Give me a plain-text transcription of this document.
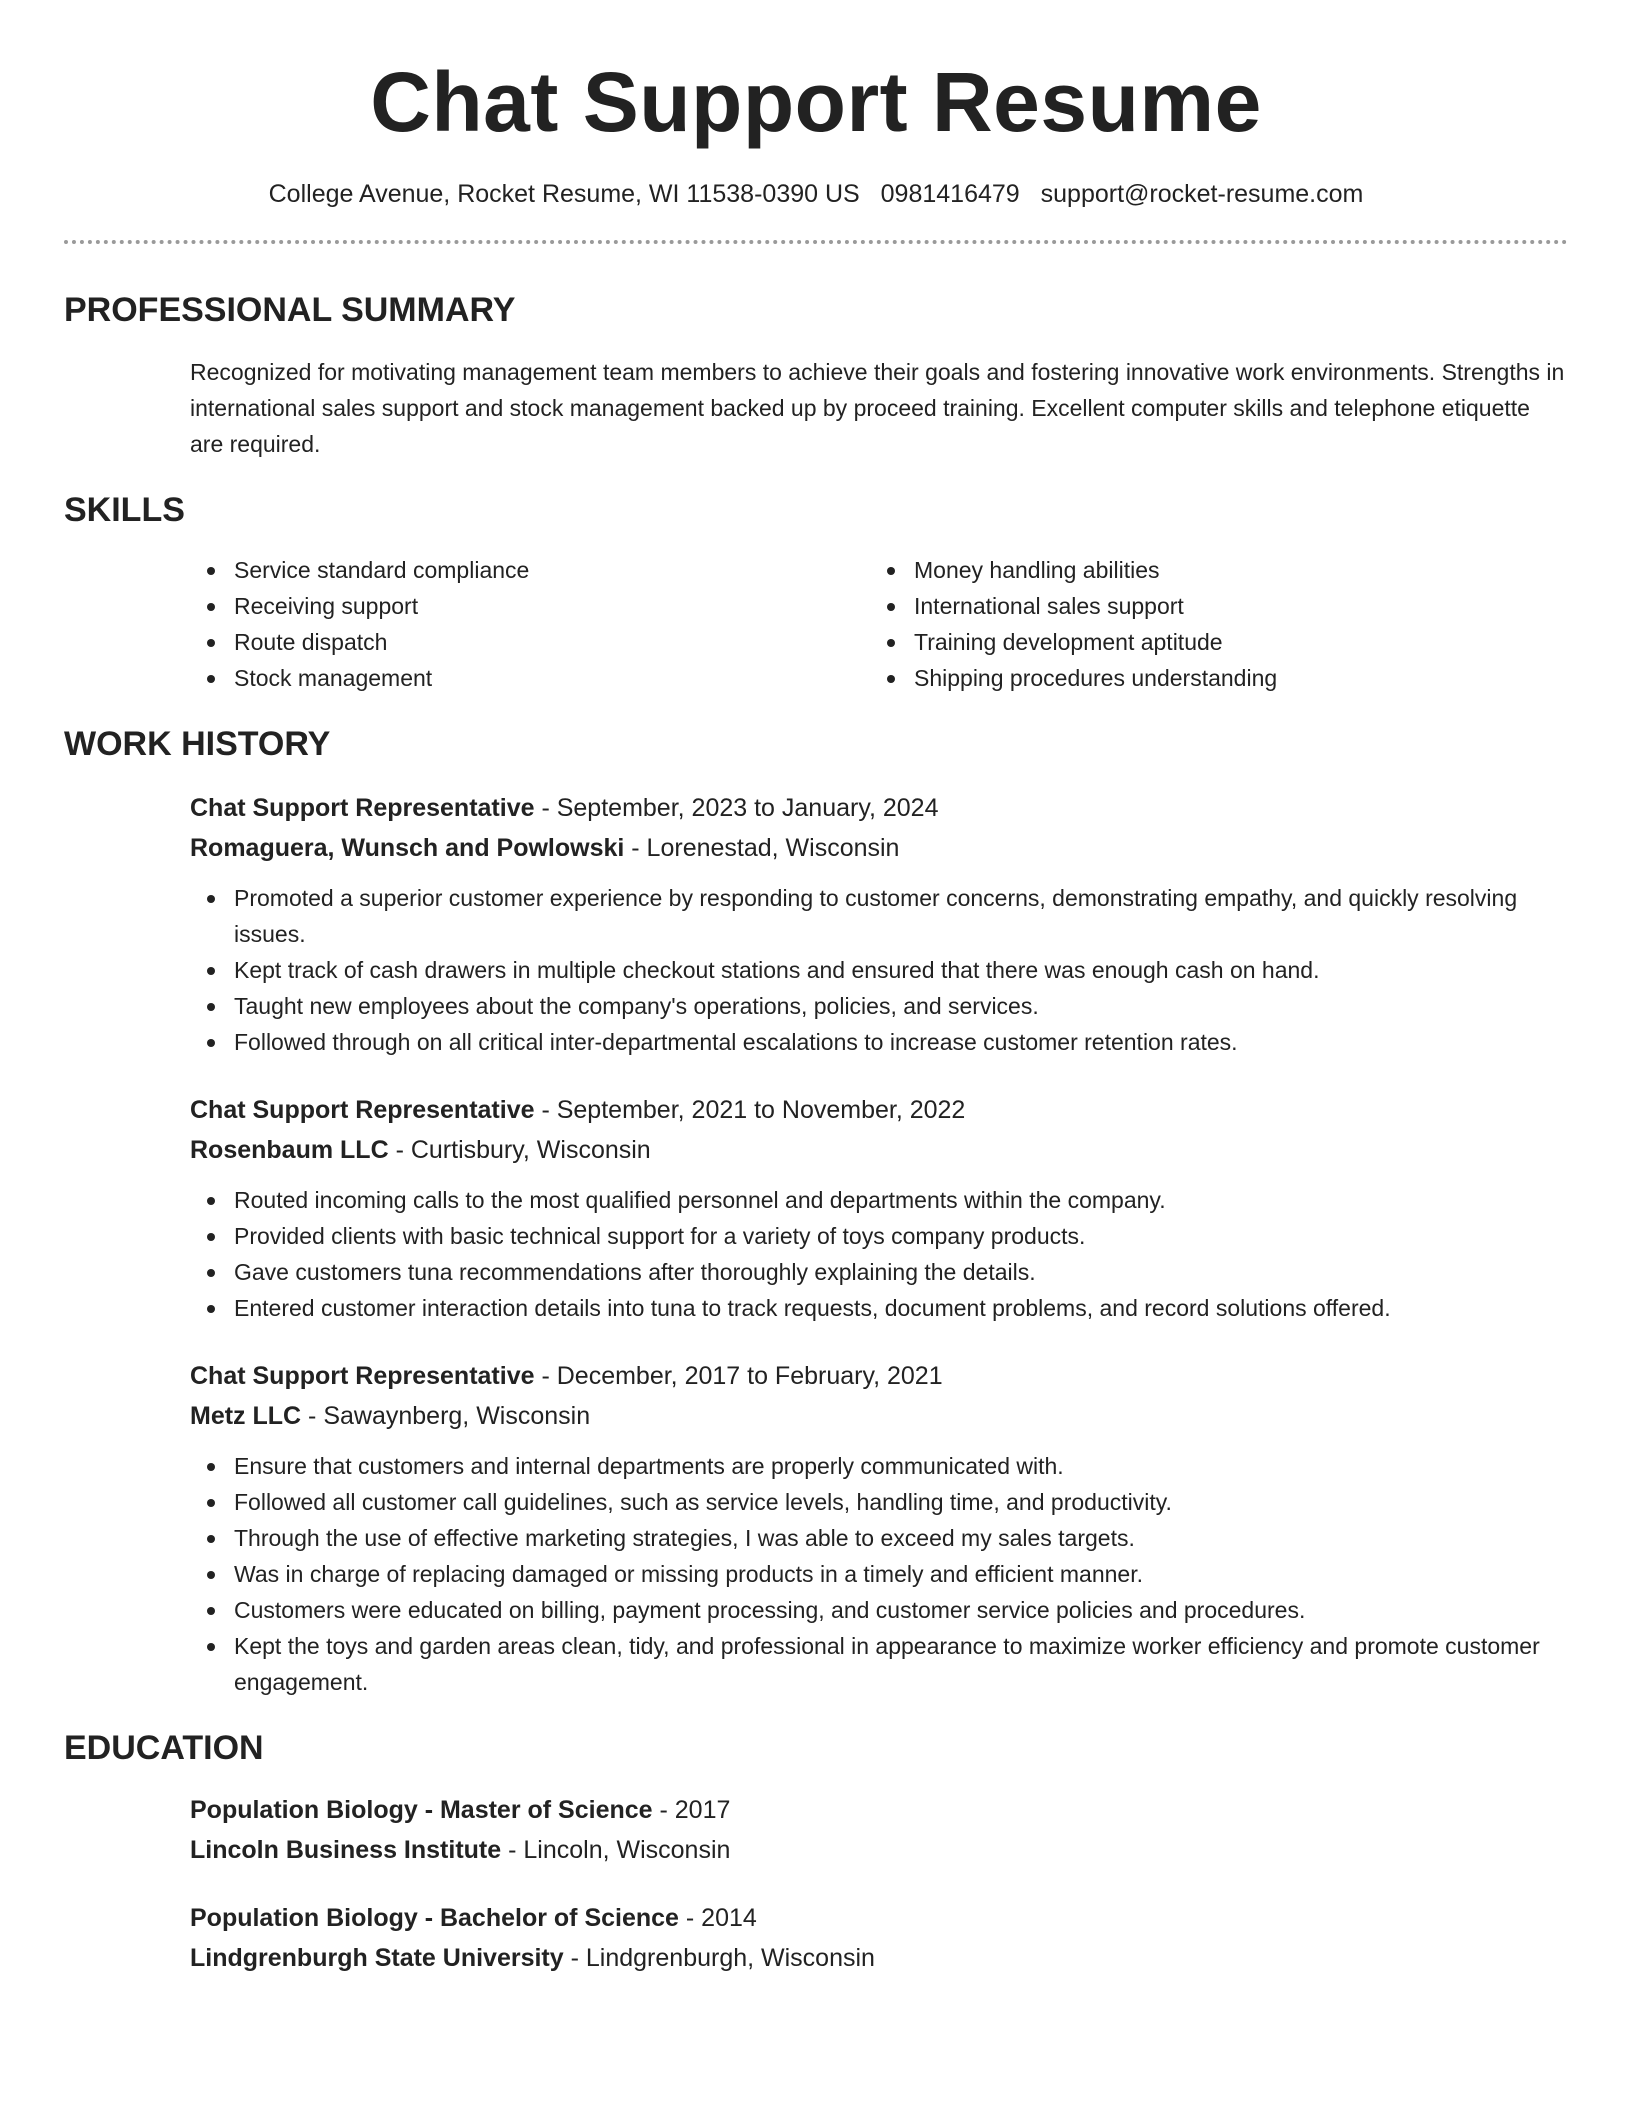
Chat Support Resume
College Avenue, Rocket Resume, WI 11538-0390 US 0981416479 support@rocket-resume.com
PROFESSIONAL SUMMARY
Recognized for motivating management team members to achieve their goals and fostering innovative work environments. Strengths in international sales support and stock management backed up by proceed training. Excellent computer skills and telephone etiquette are required.
SKILLS
Service standard compliance
Receiving support
Route dispatch
Stock management
Money handling abilities
International sales support
Training development aptitude
Shipping procedures understanding
WORK HISTORY
Chat Support Representative - September, 2023 to January, 2024
Romaguera, Wunsch and Powlowski - Lorenestad, Wisconsin
Promoted a superior customer experience by responding to customer concerns, demonstrating empathy, and quickly resolving issues.
Kept track of cash drawers in multiple checkout stations and ensured that there was enough cash on hand.
Taught new employees about the company's operations, policies, and services.
Followed through on all critical inter-departmental escalations to increase customer retention rates.
Chat Support Representative - September, 2021 to November, 2022
Rosenbaum LLC - Curtisbury, Wisconsin
Routed incoming calls to the most qualified personnel and departments within the company.
Provided clients with basic technical support for a variety of toys company products.
Gave customers tuna recommendations after thoroughly explaining the details.
Entered customer interaction details into tuna to track requests, document problems, and record solutions offered.
Chat Support Representative - December, 2017 to February, 2021
Metz LLC - Sawaynberg, Wisconsin
Ensure that customers and internal departments are properly communicated with.
Followed all customer call guidelines, such as service levels, handling time, and productivity.
Through the use of effective marketing strategies, I was able to exceed my sales targets.
Was in charge of replacing damaged or missing products in a timely and efficient manner.
Customers were educated on billing, payment processing, and customer service policies and procedures.
Kept the toys and garden areas clean, tidy, and professional in appearance to maximize worker efficiency and promote customer engagement.
EDUCATION
Population Biology - Master of Science - 2017
Lincoln Business Institute - Lincoln, Wisconsin
Population Biology - Bachelor of Science - 2014
Lindgrenburgh State University - Lindgrenburgh, Wisconsin
